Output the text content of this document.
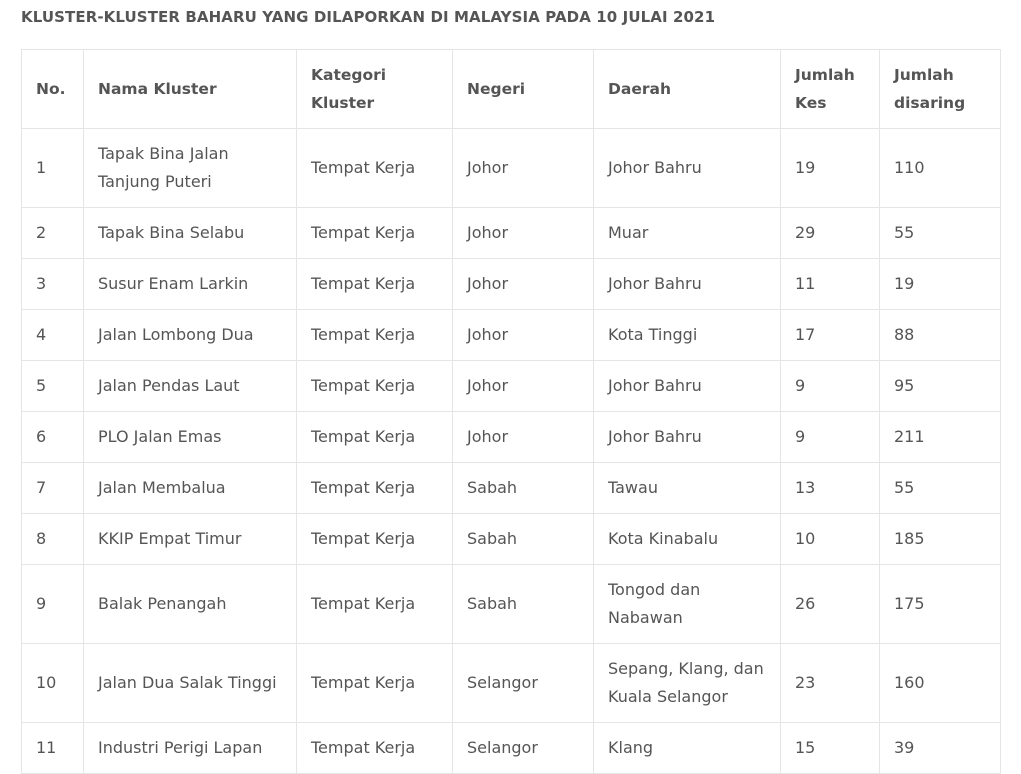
KLUSTER-KLUSTER BAHARU YANG DILAPORKAN DI MALAYSIA PADA 10 JULAI 2021
No.	Nama Kluster	Kategori Kluster	Negeri	Daerah	Jumlah Kes	Jumlah disaring
1	Tapak Bina Jalan Tanjung Puteri	Tempat Kerja	Johor	Johor Bahru	19	110
2	Tapak Bina Selabu	Tempat Kerja	Johor	Muar	29	55
3	Susur Enam Larkin	Tempat Kerja	Johor	Johor Bahru	11	19
4	Jalan Lombong Dua	Tempat Kerja	Johor	Kota Tinggi	17	88
5	Jalan Pendas Laut	Tempat Kerja	Johor	Johor Bahru	9	95
6	PLO Jalan Emas	Tempat Kerja	Johor	Johor Bahru	9	211
7	Jalan Membalua	Tempat Kerja	Sabah	Tawau	13	55
8	KKIP Empat Timur	Tempat Kerja	Sabah	Kota Kinabalu	10	185
9	Balak Penangah	Tempat Kerja	Sabah	Tongod dan Nabawan	26	175
10	Jalan Dua Salak Tinggi	Tempat Kerja	Selangor	Sepang, Klang, dan Kuala Selangor	23	160
11	Industri Perigi Lapan	Tempat Kerja	Selangor	Klang	15	39
